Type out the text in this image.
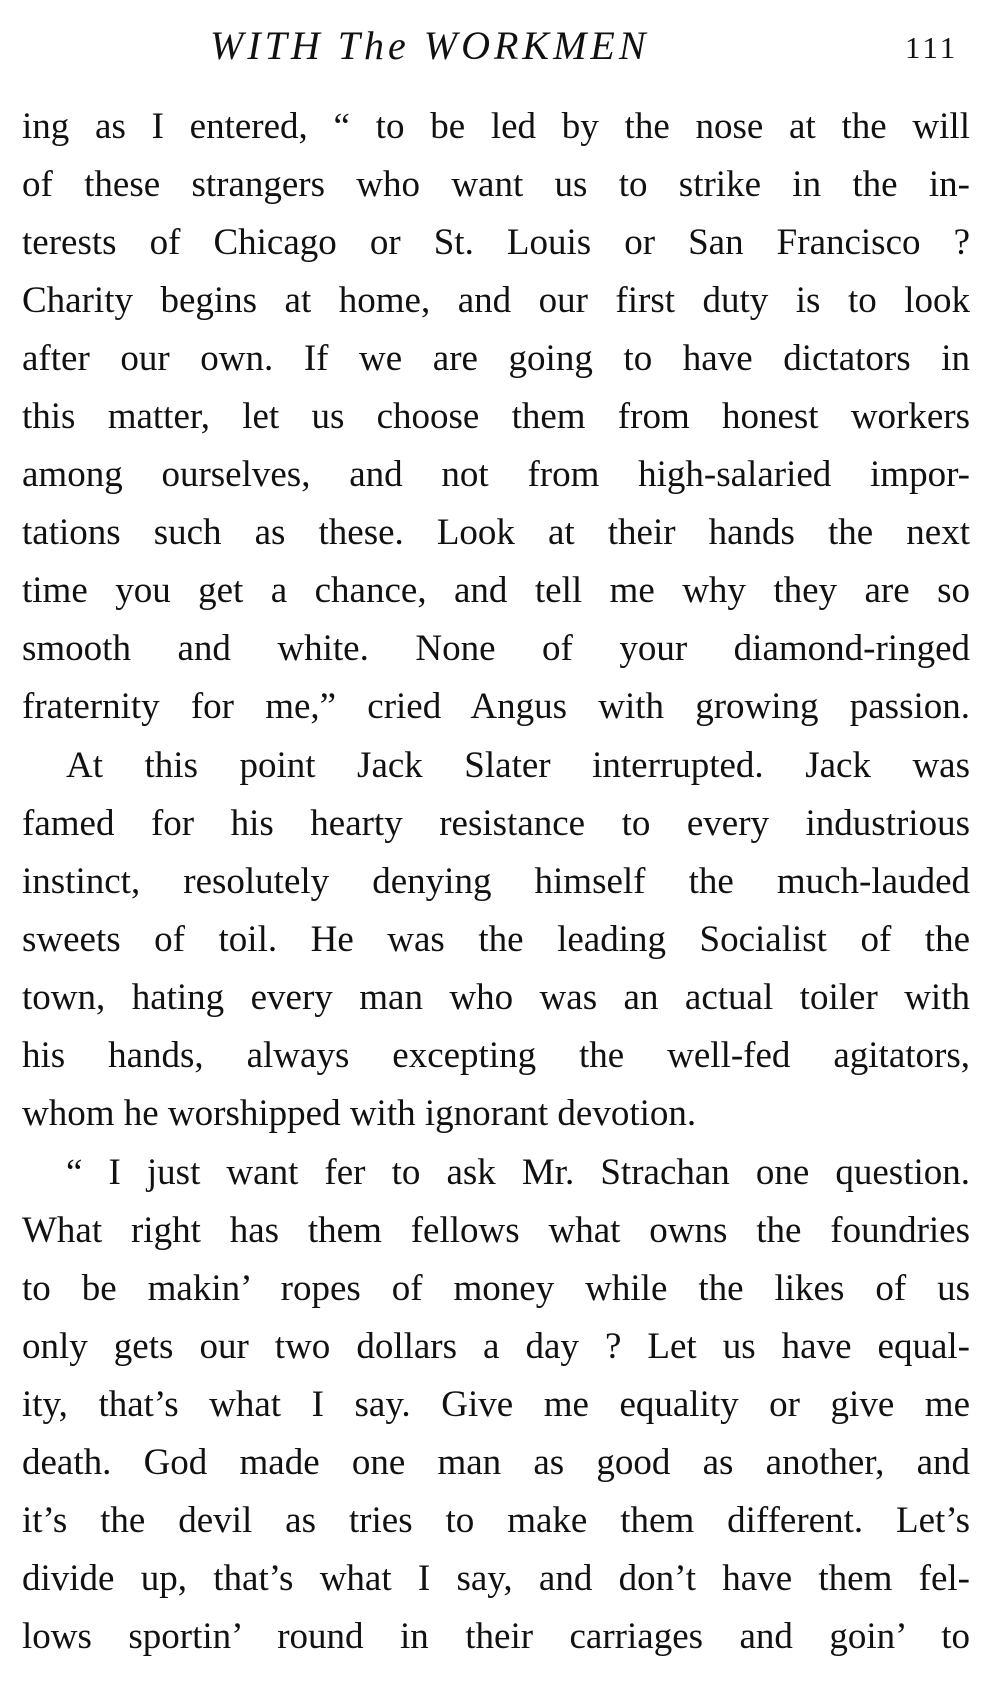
WITH The WORKMEN	111
ing as I entered, “ to be led by the nose at the will
of these strangers who want us to strike in the in-
terests of Chicago or St. Louis or San Francisco ?
Charity begins at home, and our first duty is to look
after our own. If we are going to have dictators in
this matter, let us choose them from honest workers
among ourselves, and not from high-salaried impor-
tations such as these. Look at their hands the next
time you get a chance, and tell me why they are so
smooth and white. None of your diamond-ringed
fraternity for me,” cried Angus with growing passion.
At this point Jack Slater interrupted. Jack was
famed for his hearty resistance to every industrious
instinct, resolutely denying himself the much-lauded
sweets of toil. He was the leading Socialist of the
town, hating every man who was an actual toiler with
his hands, always excepting the well-fed agitators,
whom he worshipped with ignorant devotion.
“ I just want fer to ask Mr. Strachan one question.
What right has them fellows what owns the foundries
to be makin’ ropes of money while the likes of us
only gets our two dollars a day ? Let us have equal-
ity, that’s what I say. Give me equality or give me
death. God made one man as good as another, and
it’s the devil as tries to make them different. Let’s
divide up, that’s what I say, and don’t have them fel-
lows sportin’ round in their carriages and goin’ to
